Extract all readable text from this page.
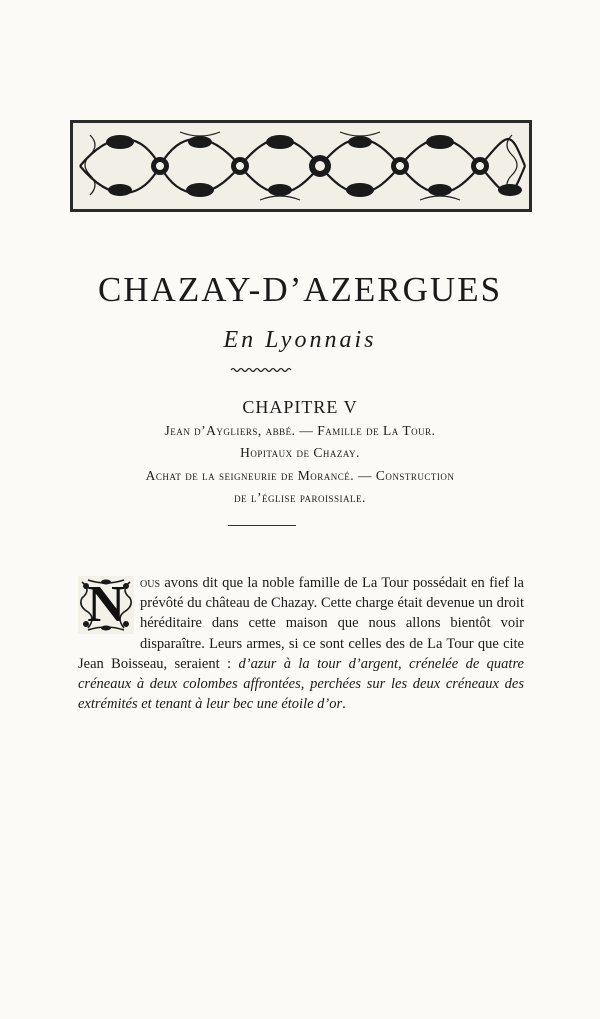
CHAZAY-D’AZERGUES
En Lyonnais
CHAPITRE V
Jean d’Aygliers, abbé. — Famille de La Tour.
Hopitaux de Chazay.
Achat de la seigneurie de Morancé. — Construction
de l’église paroissiale.
N	ous avons dit que la noble famille de La Tour possédait en fief la prévôté du château de Chazay. Cette charge était devenue un droit héréditaire dans cette maison que nous allons bientôt voir disparaître. Leurs armes, si ce sont celles des de La Tour que cite Jean Boisseau, seraient : d’azur à la tour d’argent, crénelée de quatre créneaux à deux colombes affrontées, perchées sur les deux créneaux des extrémités et tenant à leur bec une étoile d’or.
